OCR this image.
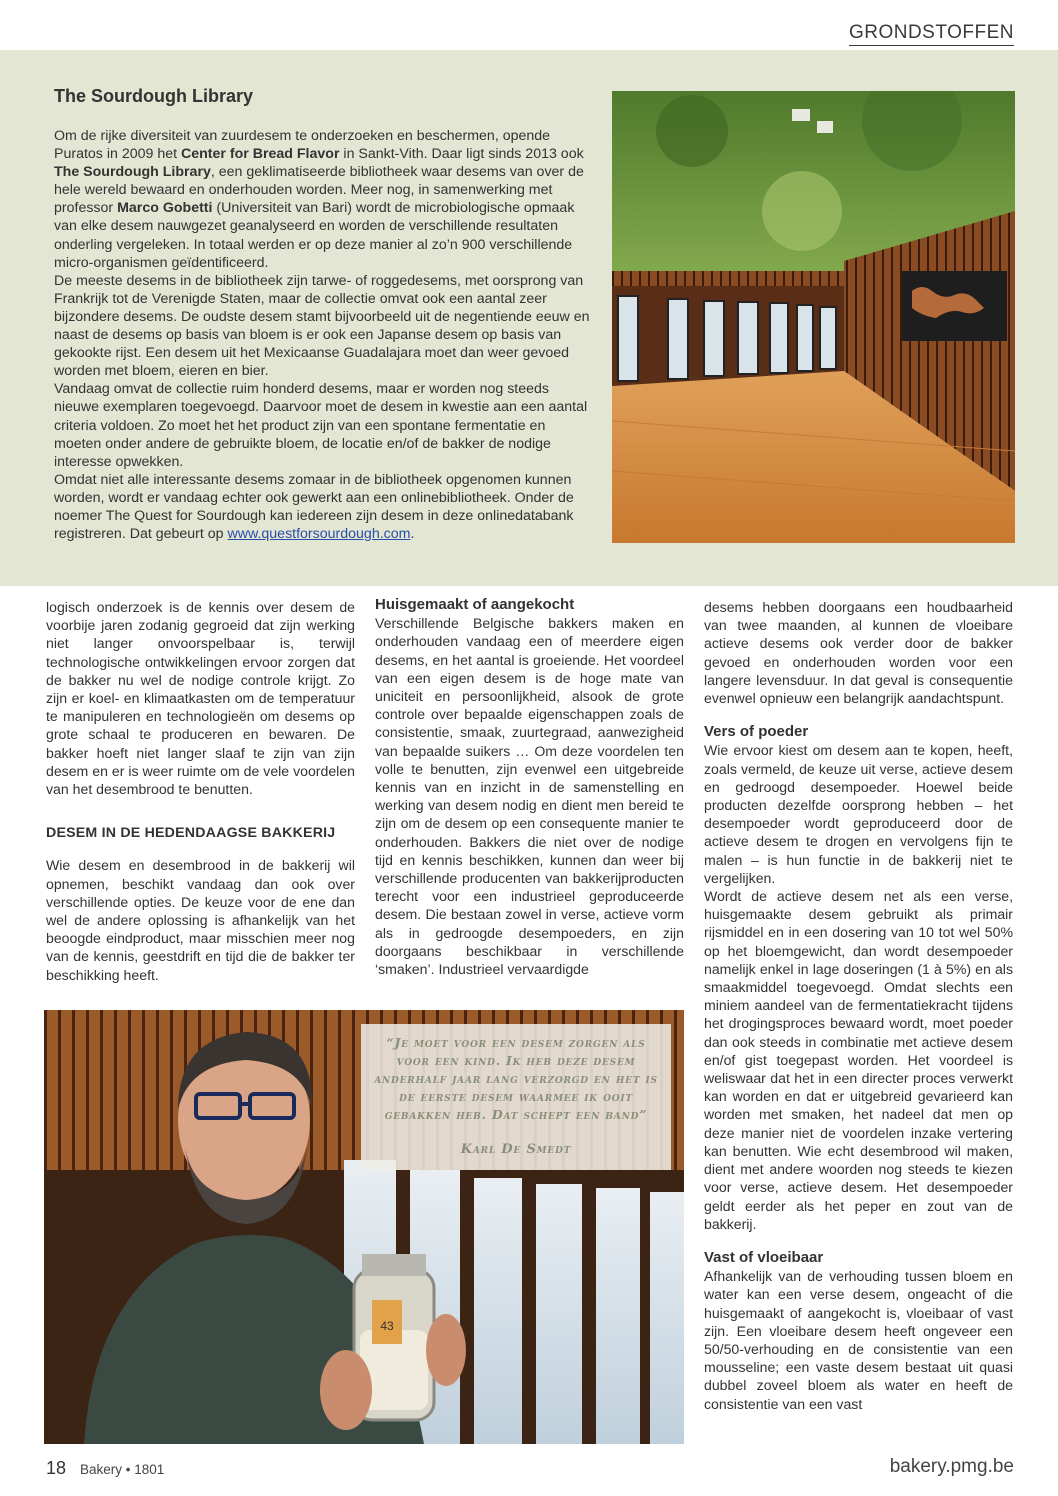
GRONDSTOFFEN
The Sourdough Library

Om de rijke diversiteit van zuurdesem te onderzoeken en beschermen, opende Puratos in 2009 het Center for Bread Flavor in Sankt-Vith. Daar ligt sinds 2013 ook The Sourdough Library, een geklimatiseerde bibliotheek waar desems van over de hele wereld bewaard en onderhouden worden. Meer nog, in samenwerking met professor Marco Gobetti (Universiteit van Bari) wordt de microbiologische opmaak van elke desem nauwgezet geanalyseerd en worden de verschillende resultaten onderling vergeleken. In totaal werden er op deze manier al zo’n 900 verschillende micro-organismen geïdentificeerd.

De meeste desems in de bibliotheek zijn tarwe- of roggedesems, met oorsprong van Frankrijk tot de Verenigde Staten, maar de collectie omvat ook een aantal zeer bijzondere desems. De oudste desem stamt bijvoorbeeld uit de negentiende eeuw en naast de desems op basis van bloem is er ook een Japanse desem op basis van gekookte rijst. Een desem uit het Mexicaanse Guadalajara moet dan weer gevoed worden met bloem, eieren en bier.

Vandaag omvat de collectie ruim honderd desems, maar er worden nog steeds nieuwe exemplaren toegevoegd. Daarvoor moet de desem in kwestie aan een aantal criteria voldoen. Zo moet het het product zijn van een spontane fermentatie en moeten onder andere de gebruikte bloem, de locatie en/of de bakker de nodige interesse opwekken.

Omdat niet alle interessante desems zomaar in de bibliotheek opgenomen kunnen worden, wordt er vandaag echter ook gewerkt aan een onlinebibliotheek. Onder de noemer The Quest for Sourdough kan iedereen zijn desem in deze onlinedatabank registreren. Dat gebeurt op www.questforsourdough.com.

logisch onderzoek is de kennis over desem de voorbije jaren zodanig gegroeid dat zijn werking niet langer onvoorspelbaar is, terwijl technologische ontwikkelingen ervoor zorgen dat de bakker nu wel de nodige controle krijgt. Zo zijn er koel- en klimaatkasten om de temperatuur te manipuleren en technologieën om desems op grote schaal te produceren en bewaren. De bakker hoeft niet langer slaaf te zijn van zijn desem en er is weer ruimte om de vele voordelen van het desembrood te benutten.

DESEM IN DE HEDENDAAGSE BAKKERIJ

Wie desem en desembrood in de bakkerij wil opnemen, beschikt vandaag dan ook over verschillende opties. De keuze voor de ene dan wel de andere oplossing is afhankelijk van het beoogde eindproduct, maar misschien meer nog van de kennis, geestdrift en tijd die de bakker ter beschikking heeft.

Huisgemaakt of aangekocht

Verschillende Belgische bakkers maken en onderhouden vandaag een of meerdere eigen desems, en het aantal is groeiende. Het voordeel van een eigen desem is de hoge mate van uniciteit en persoonlijkheid, alsook de grote controle over bepaalde eigenschappen zoals de consistentie, smaak, zuurtegraad, aanwezigheid van bepaalde suikers … Om deze voordelen ten volle te benutten, zijn evenwel een uitgebreide kennis van en inzicht in de samenstelling en werking van desem nodig en dient men bereid te zijn om de desem op een consequente manier te onderhouden. Bakkers die niet over de nodige tijd en kennis beschikken, kunnen dan weer bij verschillende producenten van bakkerijproducten terecht voor een industrieel geproduceerde desem. Die bestaan zowel in verse, actieve vorm als in gedroogde desempoeders, en zijn doorgaans beschikbaar in verschillende ‘smaken’. Industrieel vervaardigde

desems hebben doorgaans een houdbaarheid van twee maanden, al kunnen de vloeibare actieve desems ook verder door de bakker gevoed en onderhouden worden voor een langere levensduur. In dat geval is consequentie evenwel opnieuw een belangrijk aandachtspunt.

Vers of poeder

Wie ervoor kiest om desem aan te kopen, heeft, zoals vermeld, de keuze uit verse, actieve desem en gedroogd desempoeder. Hoewel beide producten dezelfde oorsprong hebben – het desempoeder wordt geproduceerd door de actieve desem te drogen en vervolgens fijn te malen – is hun functie in de bakkerij niet te vergelijken.

Wordt de actieve desem net als een verse, huisgemaakte desem gebruikt als primair rijsmiddel en in een dosering van 10 tot wel 50% op het bloemgewicht, dan wordt desempoeder namelijk enkel in lage doseringen (1 à 5%) en als smaakmiddel toegevoegd. Omdat slechts een miniem aandeel van de fermentatiekracht tijdens het drogingsproces bewaard wordt, moet poeder dan ook steeds in combinatie met actieve desem en/of gist toegepast worden. Het voordeel is weliswaar dat het in een directer proces verwerkt kan worden en dat er uitgebreid gevarieerd kan worden met smaken, het nadeel dat men op deze manier niet de voordelen inzake vertering kan benutten. Wie echt desembrood wil maken, dient met andere woorden nog steeds te kiezen voor verse, actieve desem. Het desempoeder geldt eerder als het peper en zout van de bakkerij.

Vast of vloeibaar

Afhankelijk van de verhouding tussen bloem en water kan een verse desem, ongeacht of die huisgemaakt of aangekocht is, vloeibaar of vast zijn. Een vloeibare desem heeft ongeveer een 50/50-verhouding en de consistentie van een mousseline; een vaste desem bestaat uit quasi dubbel zoveel bloem als water en heeft de consistentie van een vast

43
“Je moet voor een desem zorgen als voor een kind. Ik heb deze desem anderhalf jaar lang verzorgd en het is de eerste desem waarmee ik ooit gebakken heb. Dat schept een band”
Karl De Smedt
18 Bakery • 1801	bakery.pmg.be
